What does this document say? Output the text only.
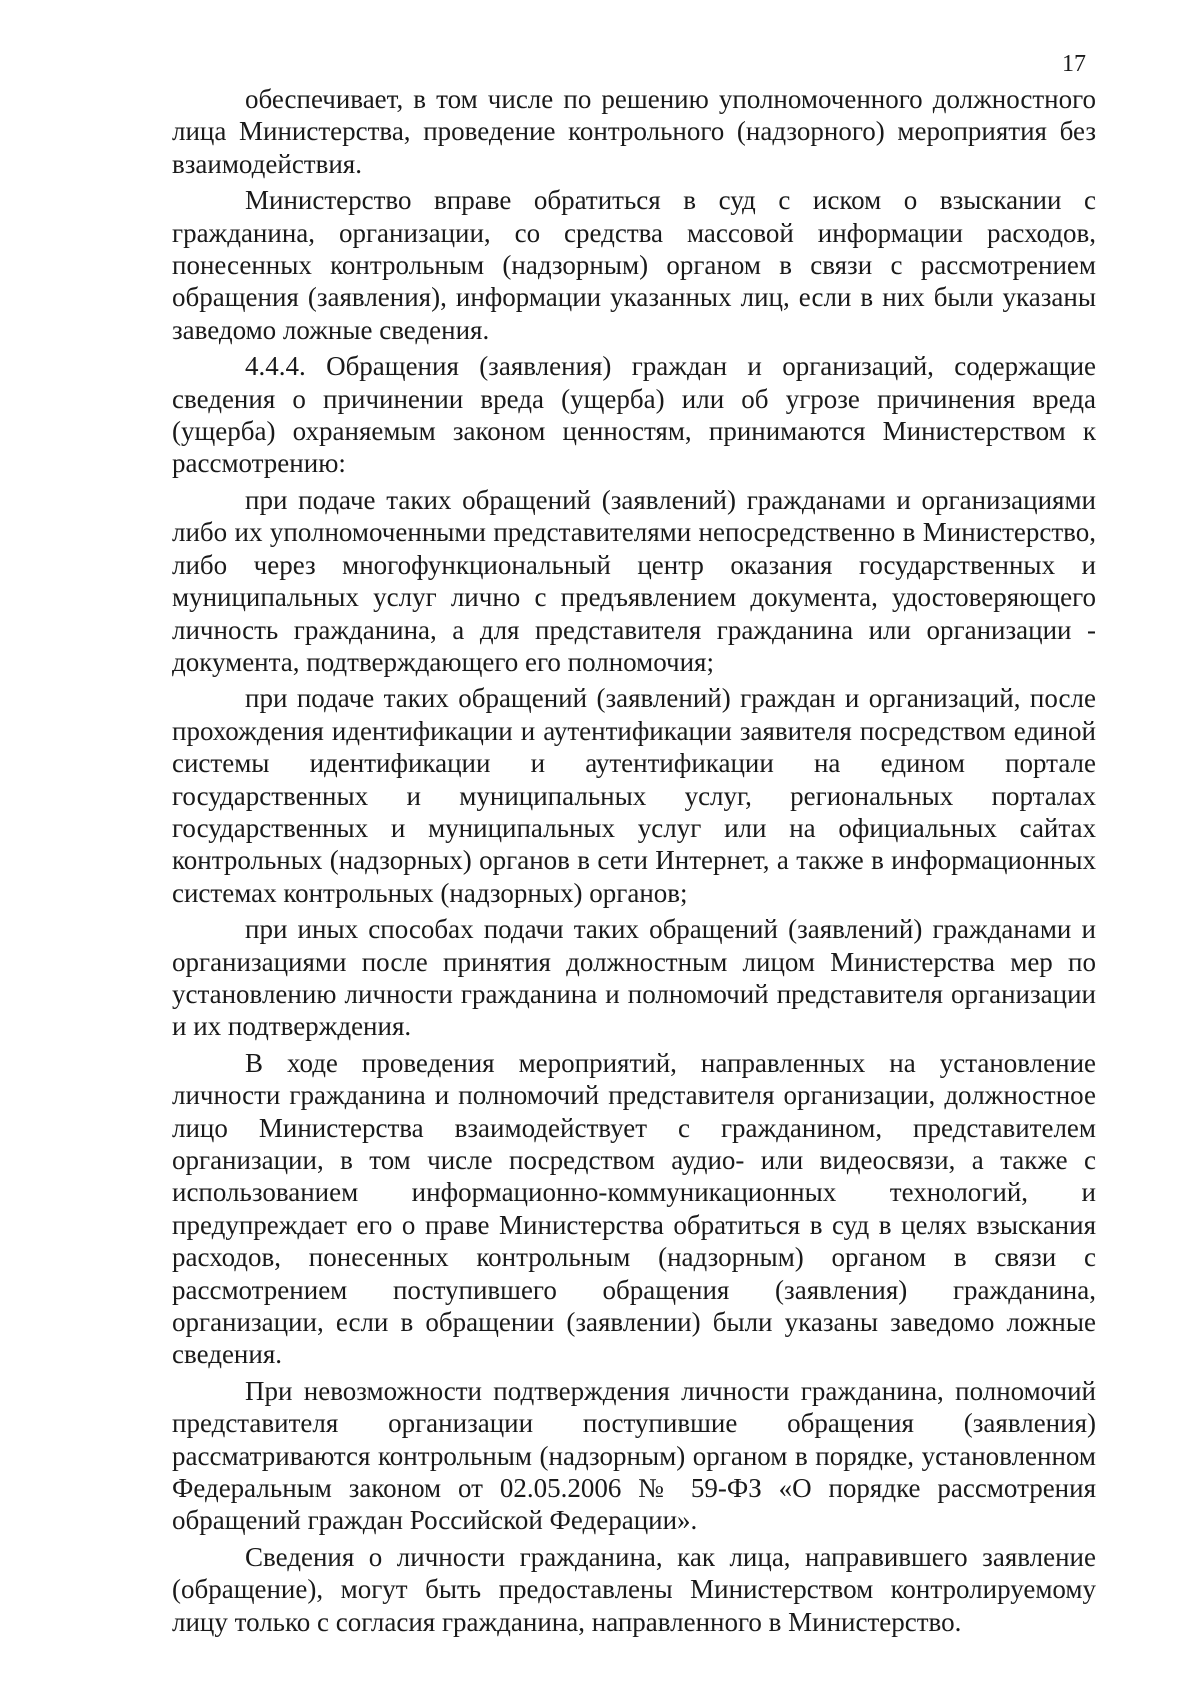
17

обеспечивает, в том числе по решению уполномоченного должностного лица Министерства, проведение контрольного (надзорного) мероприятия без взаимодействия.

Министерство вправе обратиться в суд с иском о взыскании с гражданина, организации, со средства массовой информации расходов, понесенных контрольным (надзорным) органом в связи с рассмотрением обращения (заявления), информации указанных лиц, если в них были указаны заведомо ложные сведения.

4.4.4. Обращения (заявления) граждан и организаций, содержащие сведения о причинении вреда (ущерба) или об угрозе причинения вреда (ущерба) охраняемым законом ценностям, принимаются Министерством к рассмотрению:

при подаче таких обращений (заявлений) гражданами и организациями либо их уполномоченными представителями непосредственно в Министерство, либо через многофункциональный центр оказания государственных и муниципальных услуг лично с предъявлением документа, удостоверяющего личность гражданина, а для представителя гражданина или организации - документа, подтверждающего его полномочия;

при подаче таких обращений (заявлений) граждан и организаций, после прохождения идентификации и аутентификации заявителя посредством единой системы идентификации и аутентификации на едином портале государственных и муниципальных услуг, региональных порталах государственных и муниципальных услуг или на официальных сайтах контрольных (надзорных) органов в сети Интернет, а также в информационных системах контрольных (надзорных) органов;

при иных способах подачи таких обращений (заявлений) гражданами и организациями после принятия должностным лицом Министерства мер по установлению личности гражданина и полномочий представителя организации и их подтверждения.

В ходе проведения мероприятий, направленных на установление личности гражданина и полномочий представителя организации, должностное лицо Министерства взаимодействует с гражданином, представителем организации, в том числе посредством аудио- или видеосвязи, а также с использованием информационно-коммуникационных технологий, и предупреждает его о праве Министерства обратиться в суд в целях взыскания расходов, понесенных контрольным (надзорным) органом в связи с рассмотрением поступившего обращения (заявления) гражданина, организации, если в обращении (заявлении) были указаны заведомо ложные сведения.

При невозможности подтверждения личности гражданина, полномочий представителя организации поступившие обращения (заявления) рассматриваются контрольным (надзорным) органом в порядке, установленном Федеральным законом от 02.05.2006 № 59-ФЗ «О порядке рассмотрения обращений граждан Российской Федерации».

Сведения о личности гражданина, как лица, направившего заявление (обращение), могут быть предоставлены Министерством контролируемому лицу только с согласия гражданина, направленного в Министерство.
